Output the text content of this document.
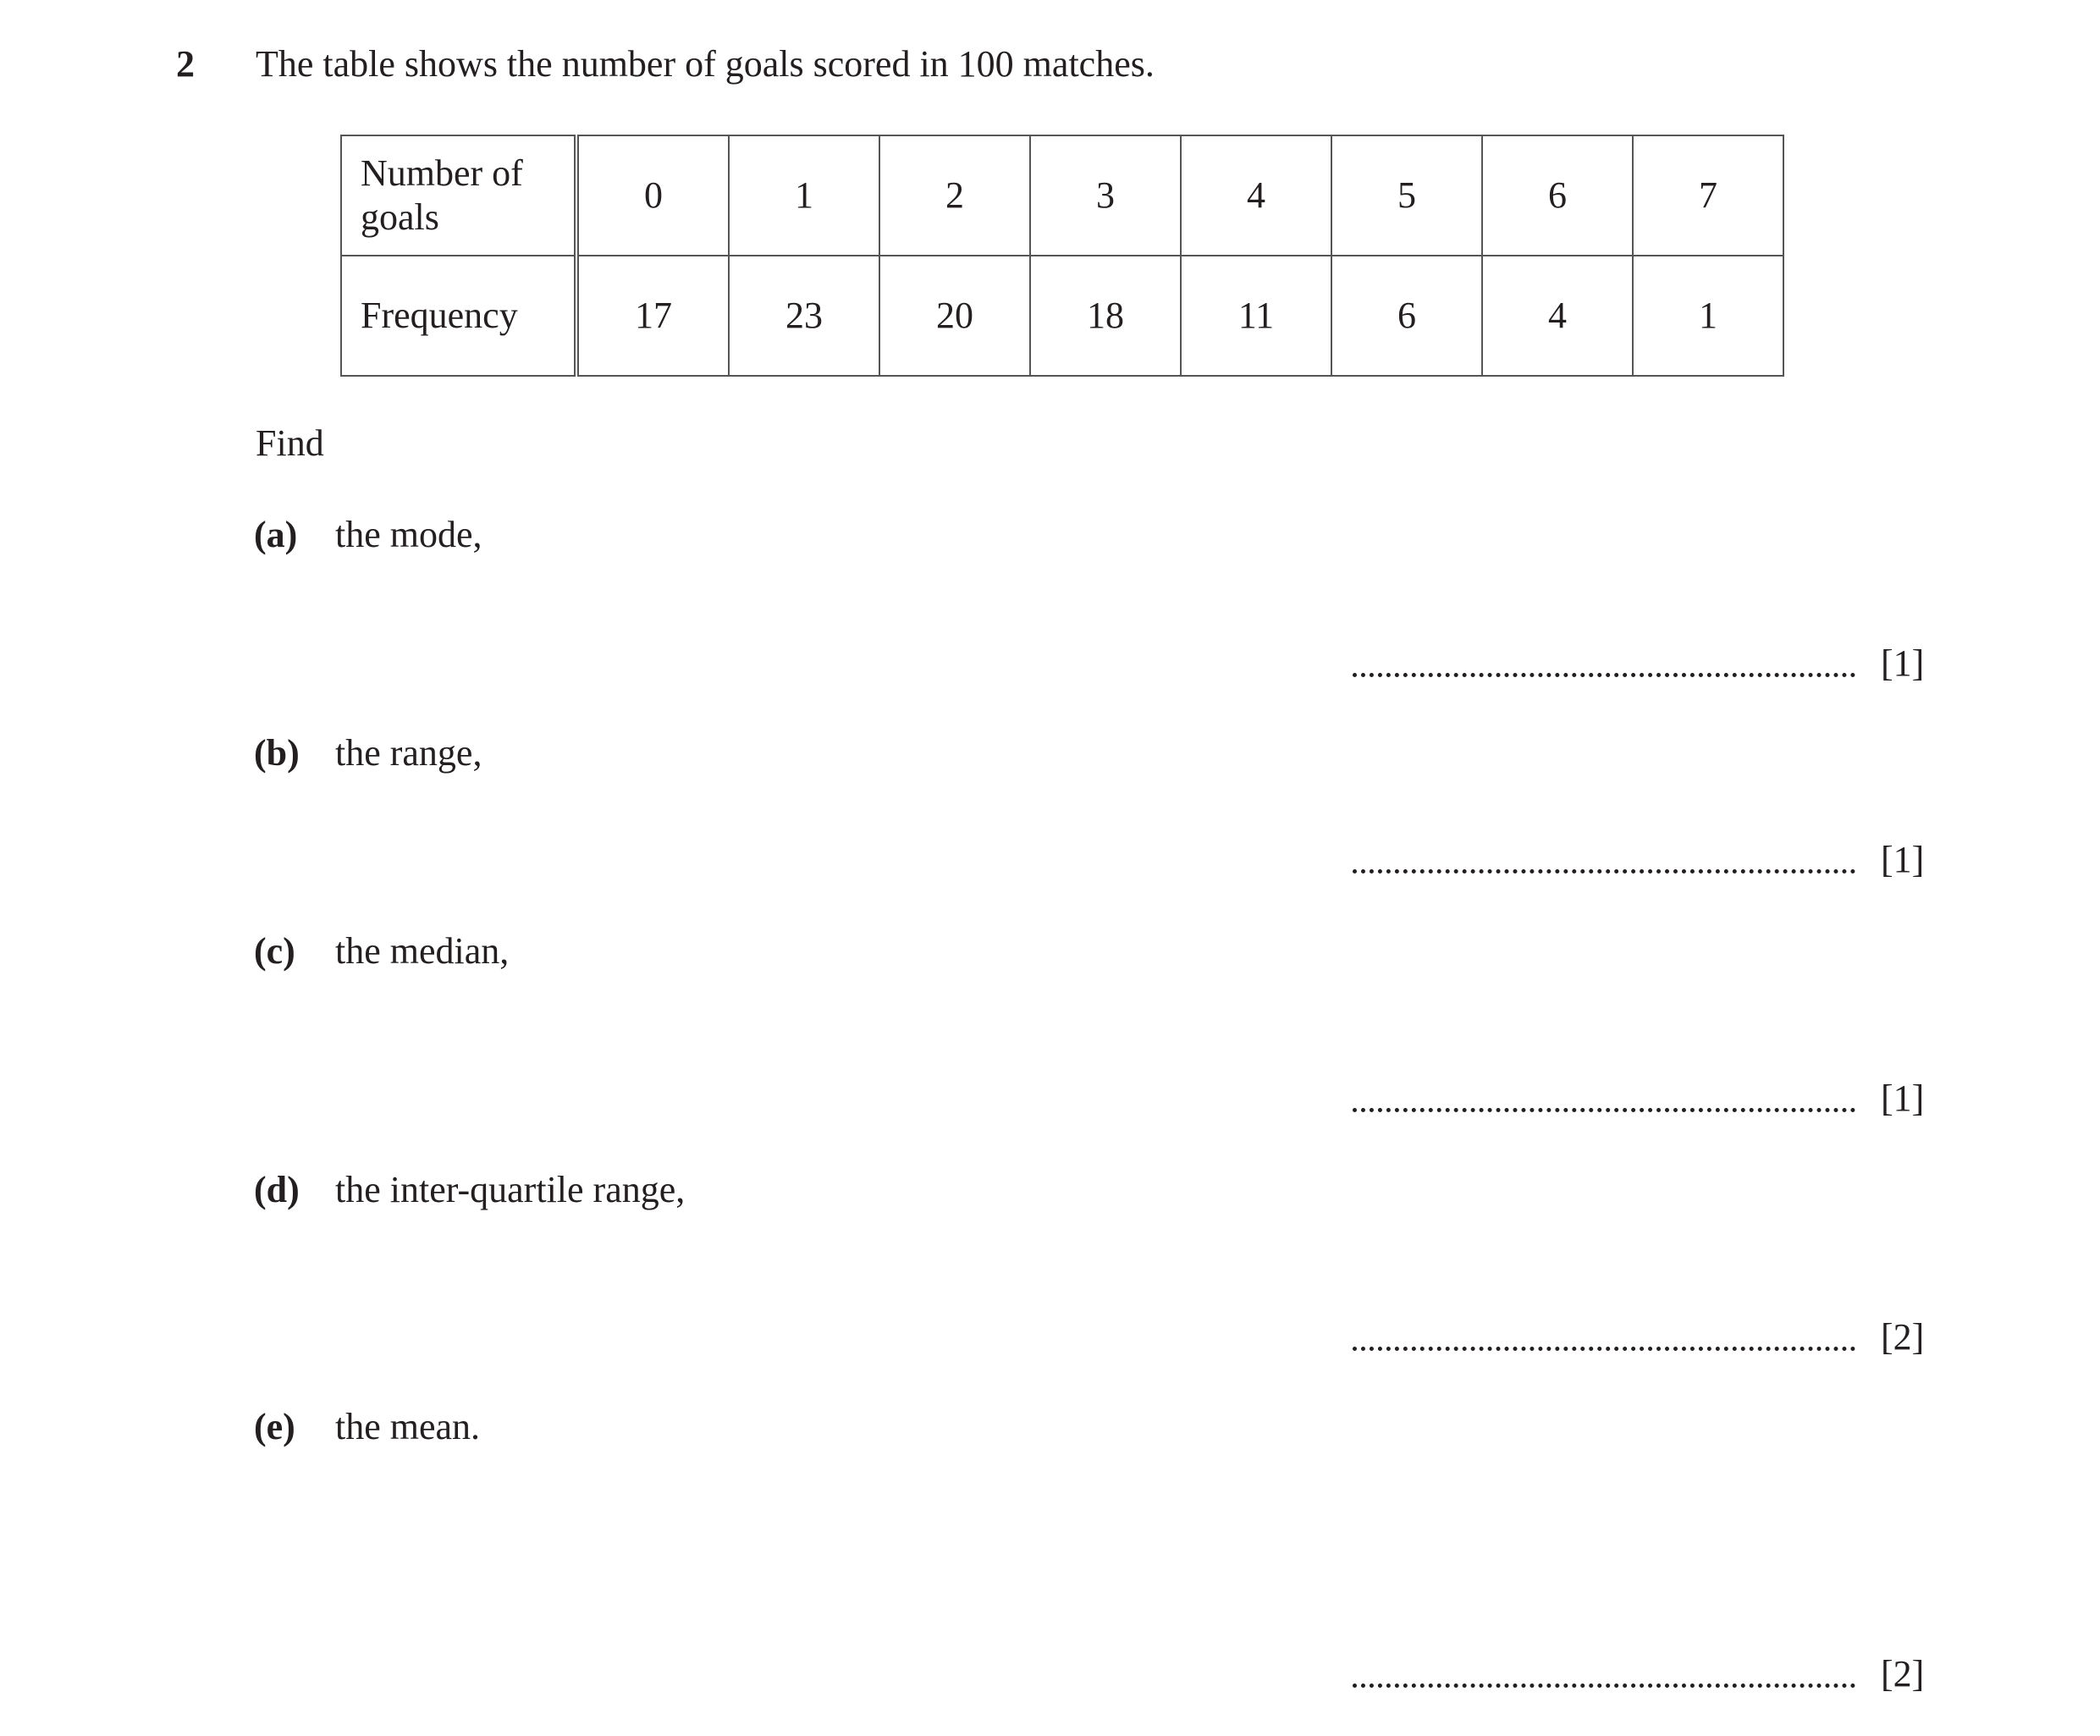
2 The table shows the number of goals scored in 100 matches.
Number of goals	0	1	2	3	4	5	6	7
Frequency	17	23	20	18	11	6	4	1
Find
(a) the mode,
[1]
(b) the range,
[1]
(c) the median,
[1]
(d) the inter-quartile range,
[2]
(e) the mean.
[2]
